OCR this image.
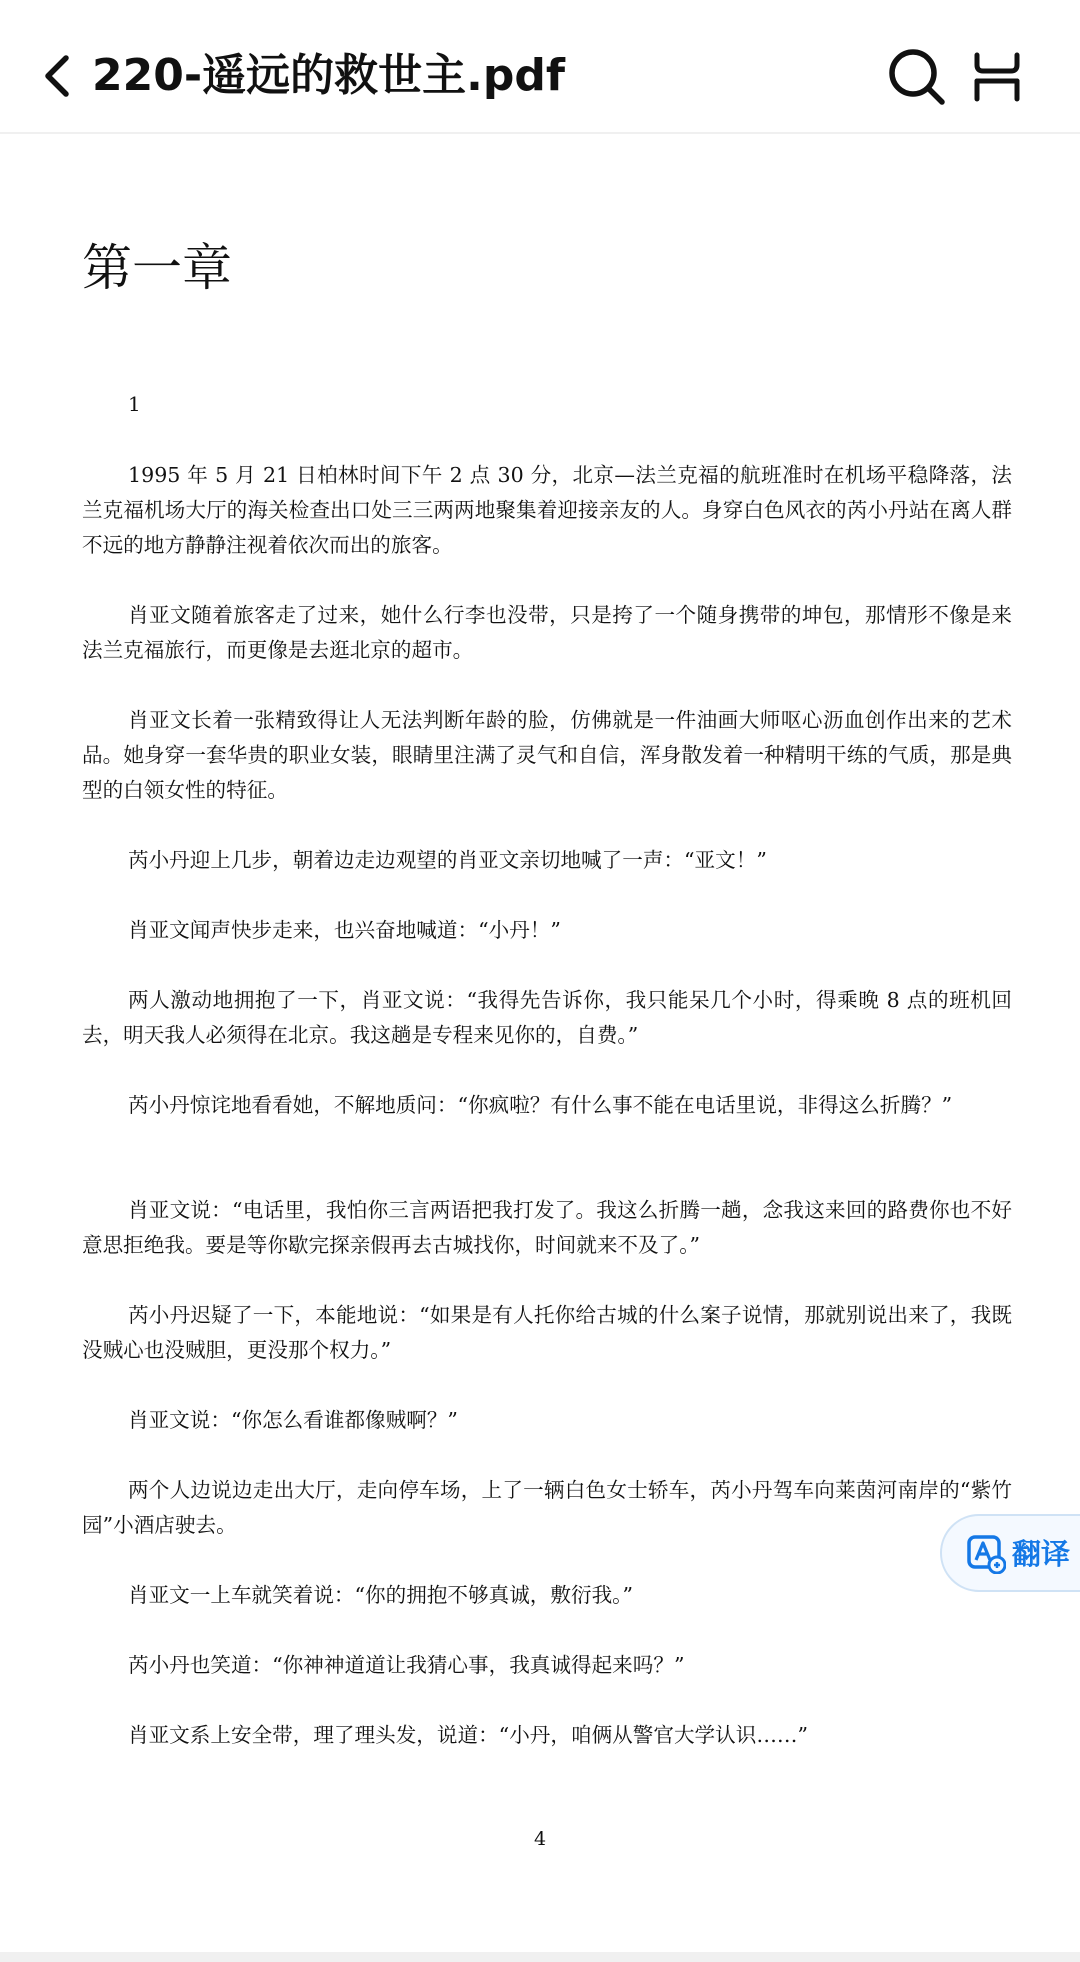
220-遥远的救世主.pdf
第一章
1

1995 年 5 月 21 日柏林时间下午 2 点 30 分，北京—法兰克福的航班准时在机场平稳降落，法兰克福机场大厅的海关检查出口处三三两两地聚集着迎接亲友的人。身穿白色风衣的芮小丹站在离人群不远的地方静静注视着依次而出的旅客。

肖亚文随着旅客走了过来，她什么行李也没带，只是挎了一个随身携带的坤包，那情形不像是来法兰克福旅行，而更像是去逛北京的超市。

肖亚文长着一张精致得让人无法判断年龄的脸，仿佛就是一件油画大师呕心沥血创作出来的艺术品。她身穿一套华贵的职业女装，眼睛里注满了灵气和自信，浑身散发着一种精明干练的气质，那是典型的白领女性的特征。

芮小丹迎上几步，朝着边走边观望的肖亚文亲切地喊了一声：“亚文！”

肖亚文闻声快步走来，也兴奋地喊道：“小丹！”

两人激动地拥抱了一下，肖亚文说：“我得先告诉你，我只能呆几个小时，得乘晚 8 点的班机回去，明天我人必须得在北京。我这趟是专程来见你的，自费。”

芮小丹惊诧地看看她，不解地质问：“你疯啦？有什么事不能在电话里说，非得这么折腾？”

肖亚文说：“电话里，我怕你三言两语把我打发了。我这么折腾一趟，念我这来回的路费你也不好意思拒绝我。要是等你歇完探亲假再去古城找你，时间就来不及了。”

芮小丹迟疑了一下，本能地说：“如果是有人托你给古城的什么案子说情，那就别说出来了，我既没贼心也没贼胆，更没那个权力。”

肖亚文说：“你怎么看谁都像贼啊？”

两个人边说边走出大厅，走向停车场，上了一辆白色女士轿车，芮小丹驾车向莱茵河南岸的“紫竹园”小酒店驶去。

肖亚文一上车就笑着说：“你的拥抱不够真诚，敷衍我。”

芮小丹也笑道：“你神神道道让我猜心事，我真诚得起来吗？”

肖亚文系上安全带，理了理头发，说道：“小丹，咱俩从警官大学认识……”

4
翻译
